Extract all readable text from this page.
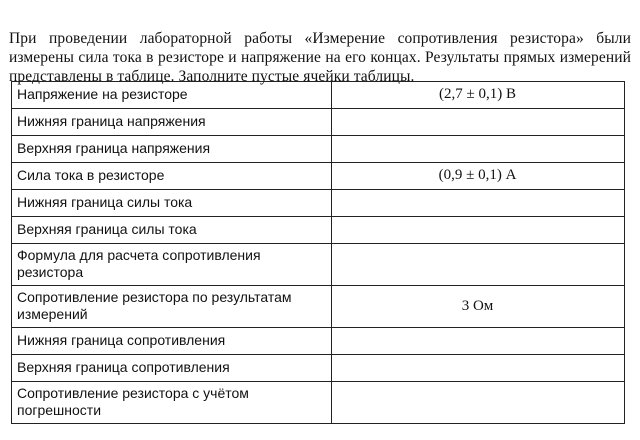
При проведении лабораторной работы «Измерение сопротивления резистора» были измерены сила тока в резисторе и напряжение на его концах. Результаты прямых измерений представлены в таблице. Заполните пустые ячейки таблицы.

Напряжение на резисторе	(2,7 ± 0,1) В
Нижняя граница напряжения	
Верхняя граница напряжения	
Сила тока в резисторе	(0,9 ± 0,1) А
Нижняя граница силы тока	
Верхняя граница силы тока	
Формула для расчета сопротивления резистора	
Сопротивление резистора по результатам измерений	3 Ом
Нижняя граница сопротивления	
Верхняя граница сопротивления	
Сопротивление резистора с учётом погрешности	
